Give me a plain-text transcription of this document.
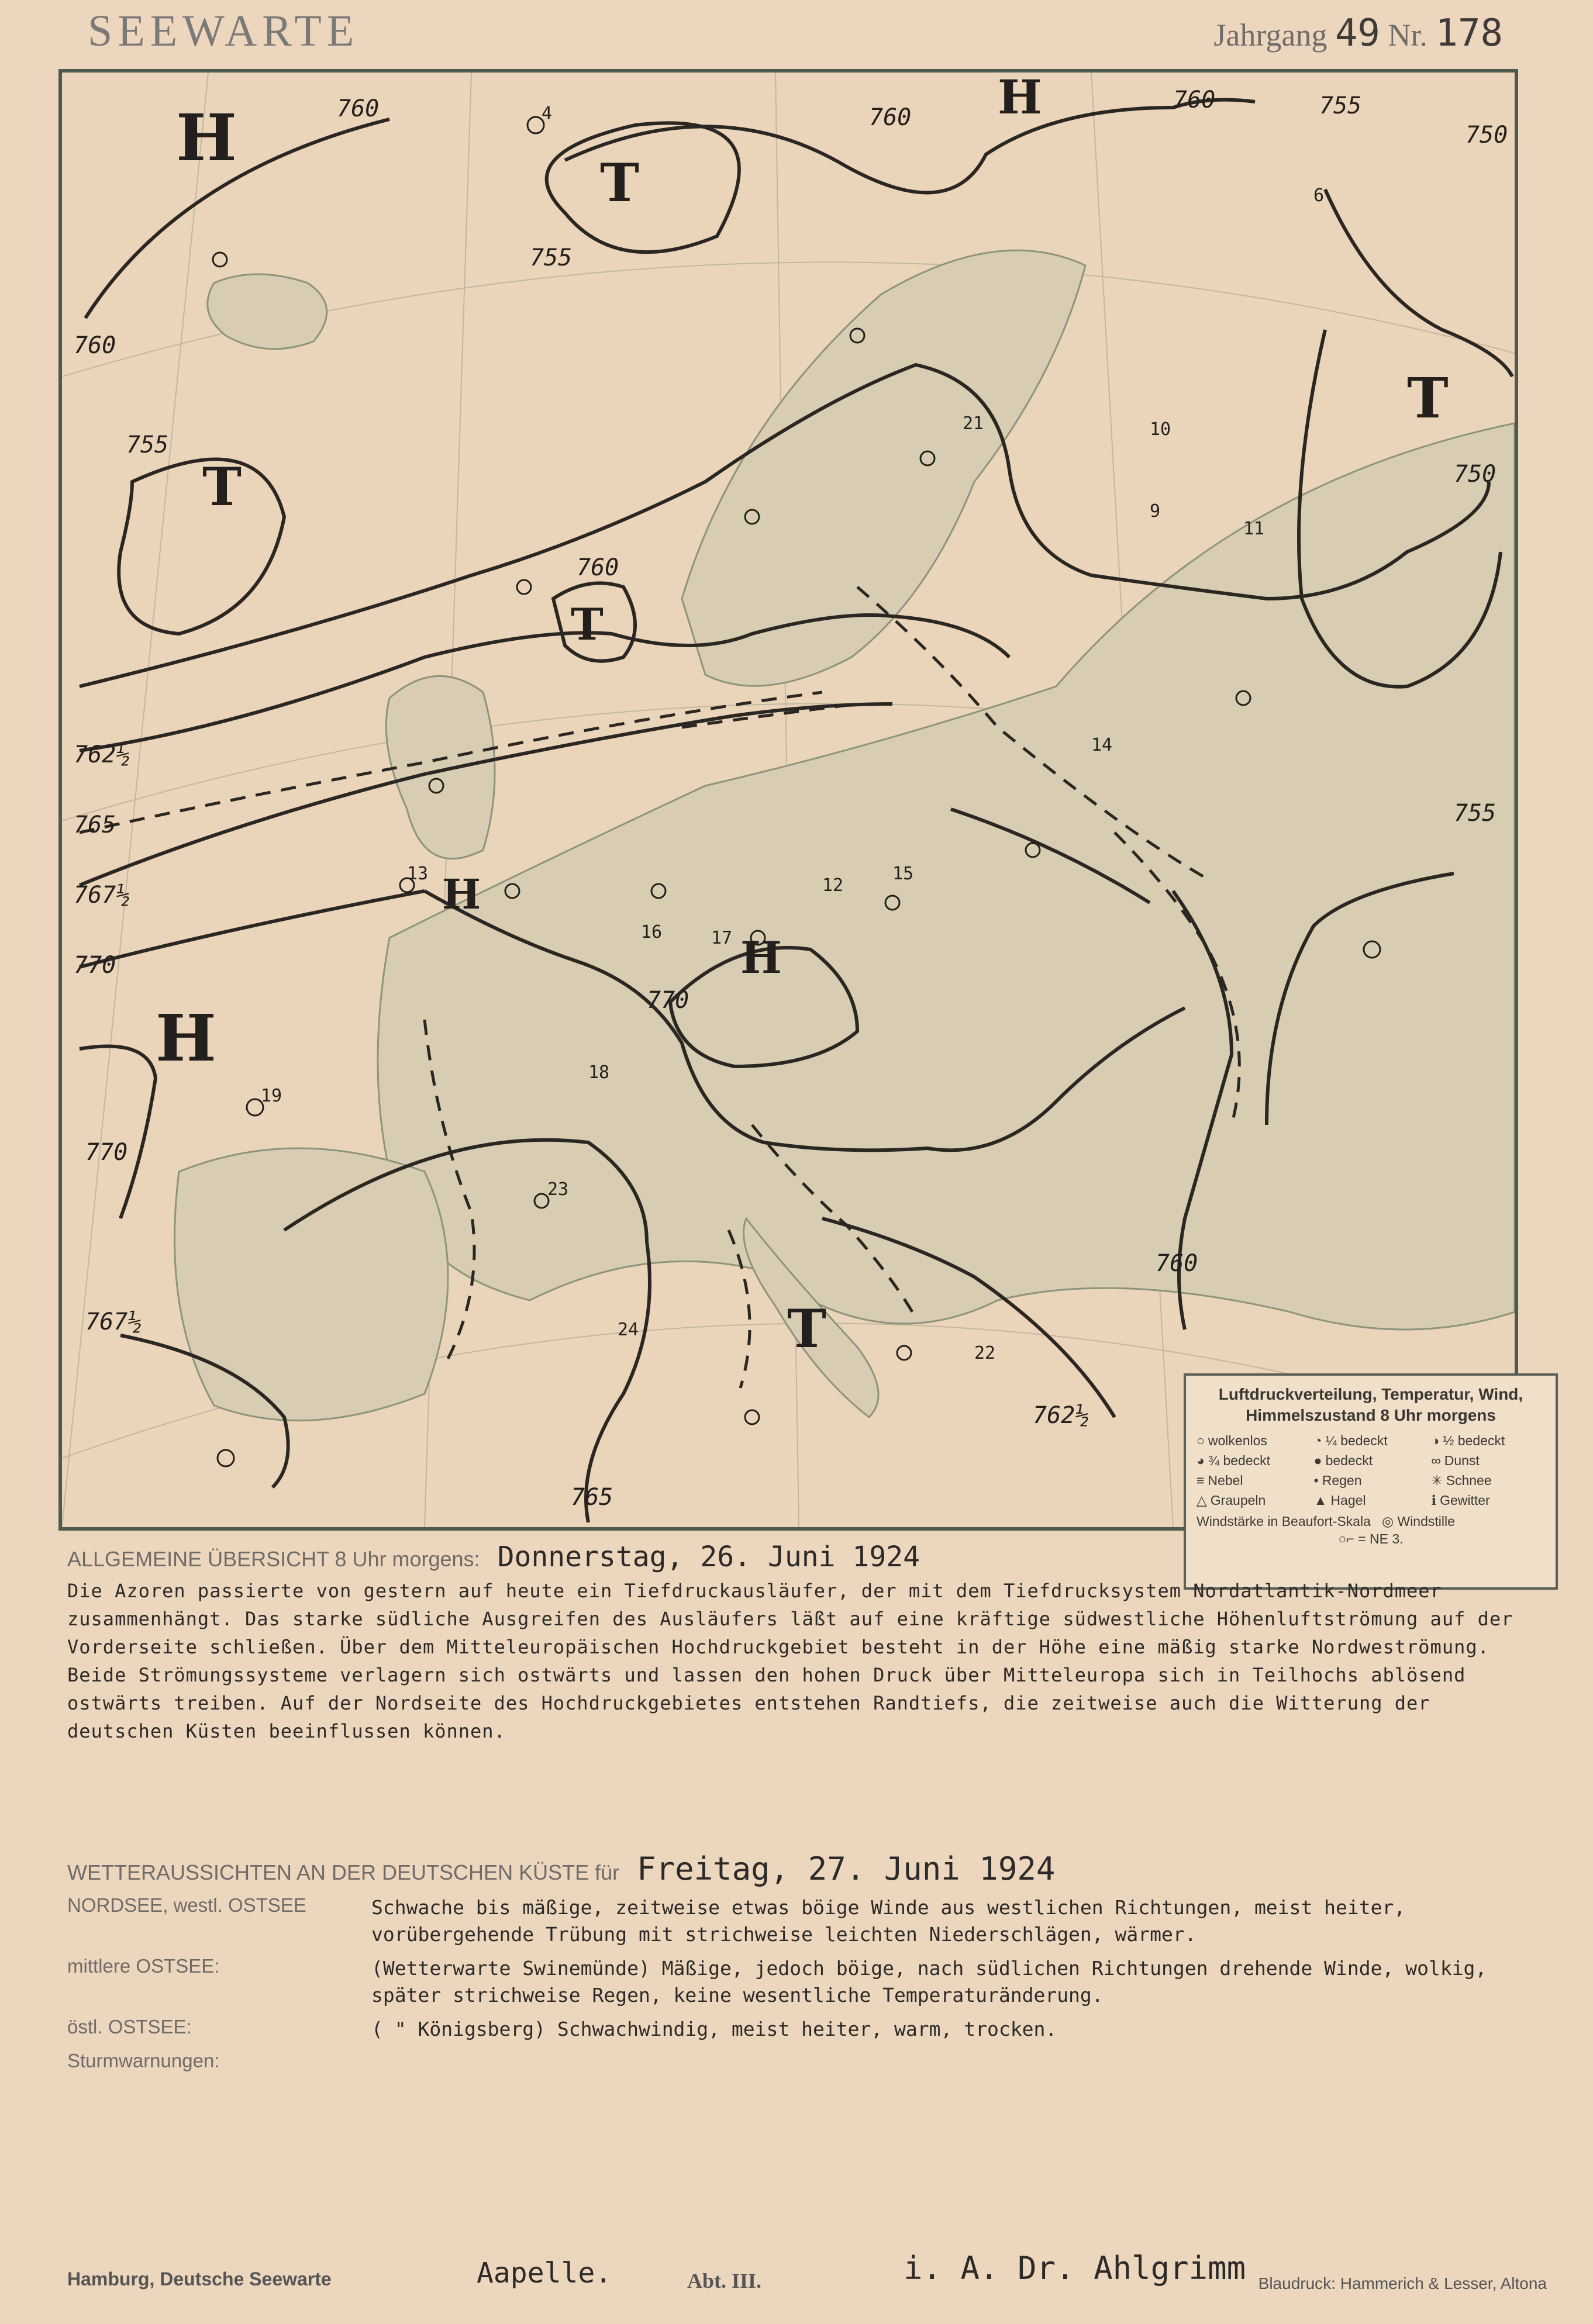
SEEWARTE	Jahrgang 49 Nr. 178
H
H
H
H
T
T
T
T
T
H
760
755
760	755
750
760
762½
765
767½
770
770
770
767½
765
762½
760
750
755
760
755
760
4
13
16	17
15
18
19
23
24
22
21
14
12
10
9
11
6
Luftdruckverteilung, Temperatur, Wind,
Himmelszustand 8 Uhr morgens
○ wolkenlos	◔ ¼ bedeckt	◑ ½ bedeckt
◕ ¾ bedeckt	● bedeckt	∞ Dunst
≡ Nebel	• Regen	✳ Schnee
△ Graupeln	▲ Hagel	ℹ Gewitter
Windstärke in Beaufort-Skala ◎ Windstille
○⌐ = NE 3.
ALLGEMEINE ÜBERSICHT 8 Uhr morgens: Donnerstag, 26. Juni 1924
Die Azoren passierte von gestern auf heute ein Tiefdruckausläufer, der mit dem Tiefdrucksystem Nordatlantik-Nordmeer zusammenhängt. Das starke südliche Ausgreifen des Ausläufers läßt auf eine kräftige südwestliche Höhenluftströmung auf der Vorderseite schließen. Über dem Mitteleuropäischen Hochdruckgebiet besteht in der Höhe eine mäßig starke Nordweströmung. Beide Strömungssysteme verlagern sich ostwärts und lassen den hohen Druck über Mitteleuropa sich in Teilhochs ablösend ostwärts treiben. Auf der Nordseite des Hochdruckgebietes entstehen Randtiefs, die zeitweise auch die Witterung der deutschen Küsten beeinflussen können.
WETTERAUSSICHTEN AN DER DEUTSCHEN KÜSTE für Freitag, 27. Juni 1924
NORDSEE, westl. OSTSEE	Schwache bis mäßige, zeitweise etwas böige Winde aus westlichen Richtungen, meist heiter, vorübergehende Trübung mit strichweise leichten Niederschlägen, wärmer.
mittlere OSTSEE:	(Wetterwarte Swinemünde) Mäßige, jedoch böige, nach südlichen Richtungen drehende Winde, wolkig, später strichweise Regen, keine wesentliche Temperaturänderung.
östl. OSTSEE:	( " Königsberg) Schwachwindig, meist heiter, warm, trocken.
Sturmwarnungen:
Hamburg, Deutsche Seewarte	Aapelle.	Abt. III.	i. A. Dr. Ahlgrimm Blaudruck: Hammerich & Lesser, Altona
